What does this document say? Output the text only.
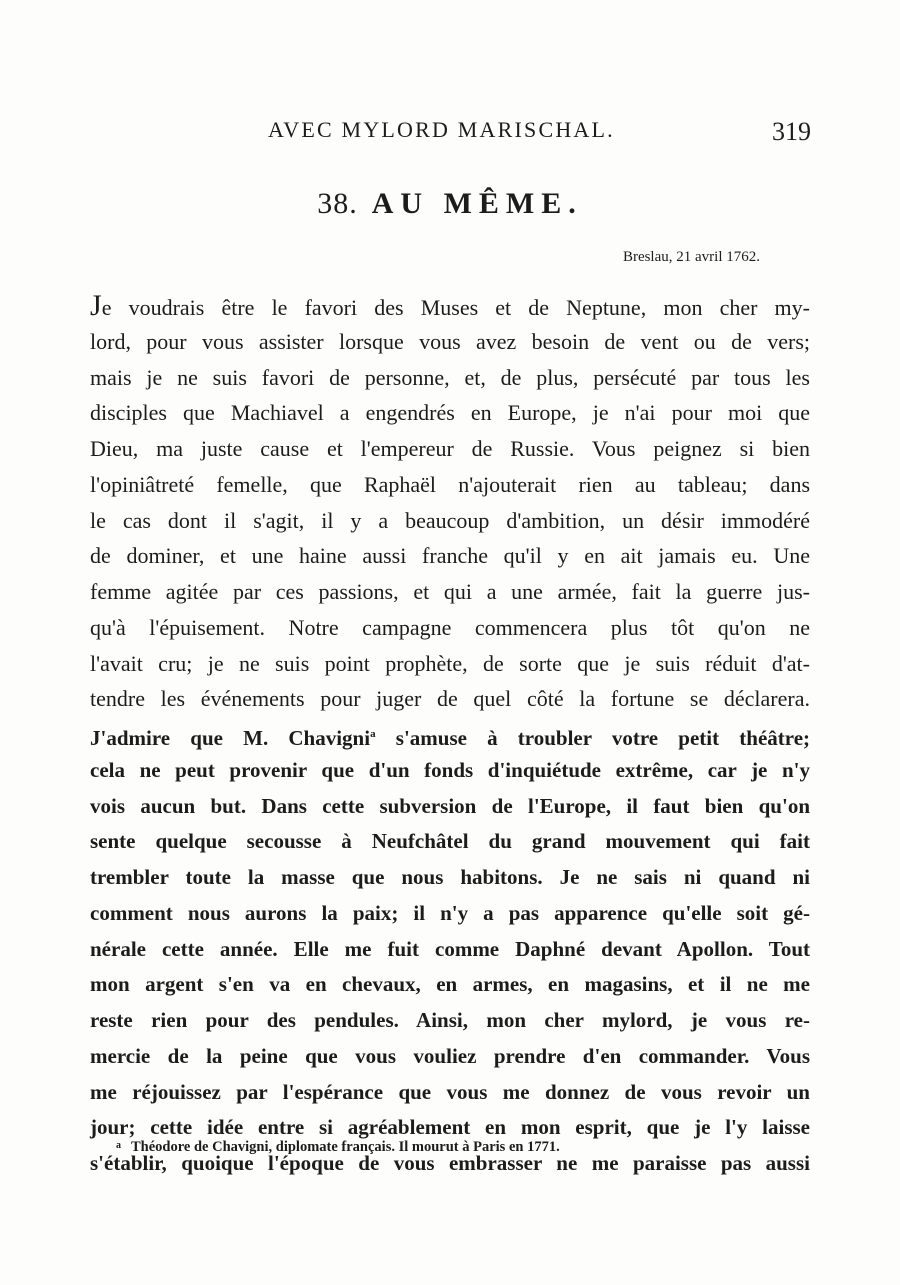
AVEC MYLORD MARISCHAL.	319
38. AU MÊME.
Breslau, 21 avril 1762.
Je voudrais être le favori des Muses et de Neptune, mon cher my-
lord, pour vous assister lorsque vous avez besoin de vent ou de vers;
mais je ne suis favori de personne, et, de plus, persécuté par tous les
disciples que Machiavel a engendrés en Europe, je n'ai pour moi que
Dieu, ma juste cause et l'empereur de Russie. Vous peignez si bien
l'opiniâtreté femelle, que Raphaël n'ajouterait rien au tableau; dans
le cas dont il s'agit, il y a beaucoup d'ambition, un désir immodéré
de dominer, et une haine aussi franche qu'il y en ait jamais eu. Une
femme agitée par ces passions, et qui a une armée, fait la guerre jus-
qu'à l'épuisement. Notre campagne commencera plus tôt qu'on ne
l'avait cru; je ne suis point prophète, de sorte que je suis réduit d'at-
tendre les événements pour juger de quel côté la fortune se déclarera.
J'admire que M. Chavigni$^a$ s'amuse à troubler votre petit théâtre;
cela ne peut provenir que d'un fonds d'inquiétude extrême, car je n'y
vois aucun but. Dans cette subversion de l'Europe, il faut bien qu'on
sente quelque secousse à Neufchâtel du grand mouvement qui fait
trembler toute la masse que nous habitons. Je ne sais ni quand ni
comment nous aurons la paix; il n'y a pas apparence qu'elle soit gé-
nérale cette année. Elle me fuit comme Daphné devant Apollon. Tout
mon argent s'en va en chevaux, en armes, en magasins, et il ne me
reste rien pour des pendules. Ainsi, mon cher mylord, je vous re-
mercie de la peine que vous vouliez prendre d'en commander. Vous
me réjouissez par l'espérance que vous me donnez de vous revoir un
jour; cette idée entre si agréablement en mon esprit, que je l'y laisse
s'établir, quoique l'époque de vous embrasser ne me paraisse pas aussi
$^a$ Théodore de Chavigni, diplomate français. Il mourut à Paris en 1771.
